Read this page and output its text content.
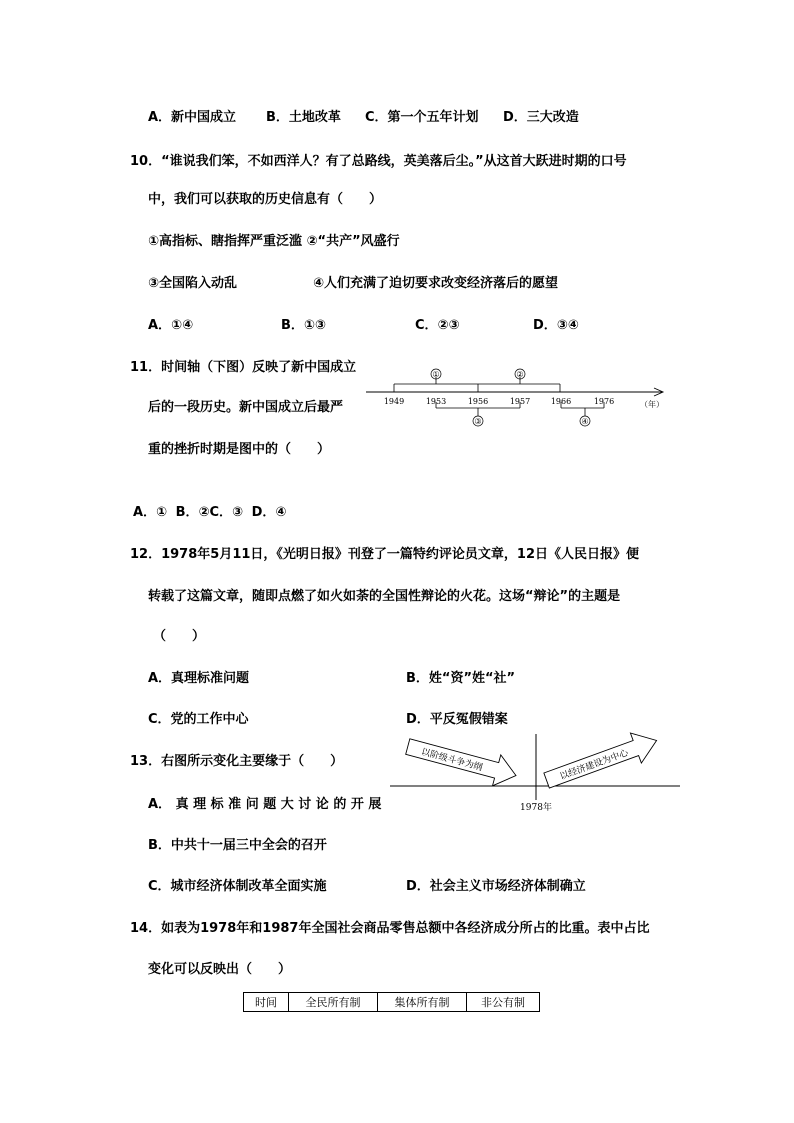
A．新中国成立 B．土地改革 C．第一个五年计划 D．三大改造
10．“谁说我们笨，不如西洋人？有了总路线，英美落后尘。”从这首大跃进时期的口号
中，我们可以获取的历史信息有（　　）
①高指标、瞎指挥严重泛滥 ②“共产”风盛行
③全国陷入动乱	④人们充满了迫切要求改变经济落后的愿望
A．①④	B．①③	C．②③	D．③④
11．时间轴（下图）反映了新中国成立
后的一段历史。新中国成立后最严
重的挫折时期是图中的（　　）
①	②
1949	1953	1956	1957	1966	1976	（年）
③	④
A．① B．②C．③ D．④
12．1978年5月11日，《光明日报》刊登了一篇特约评论员文章，12日《人民日报》便
转载了这篇文章，随即点燃了如火如荼的全国性辩论的火花。这场“辩论”的主题是
（　　）
A．真理标准问题	B．姓“资”姓“社”
C．党的工作中心	D．平反冤假错案
13．右图所示变化主要缘于（　　）	以阶级斗争为纲	以经济建设为中心
1978年
A． 真 理 标 准 问 题 大 讨 论 的 开 展
B．中共十一届三中全会的召开
C．城市经济体制改革全面实施	D．社会主义市场经济体制确立
14．如表为1978年和1987年全国社会商品零售总额中各经济成分所占的比重。表中占比
变化可以反映出（　　）
时间	全民所有制	集体所有制	非公有制
